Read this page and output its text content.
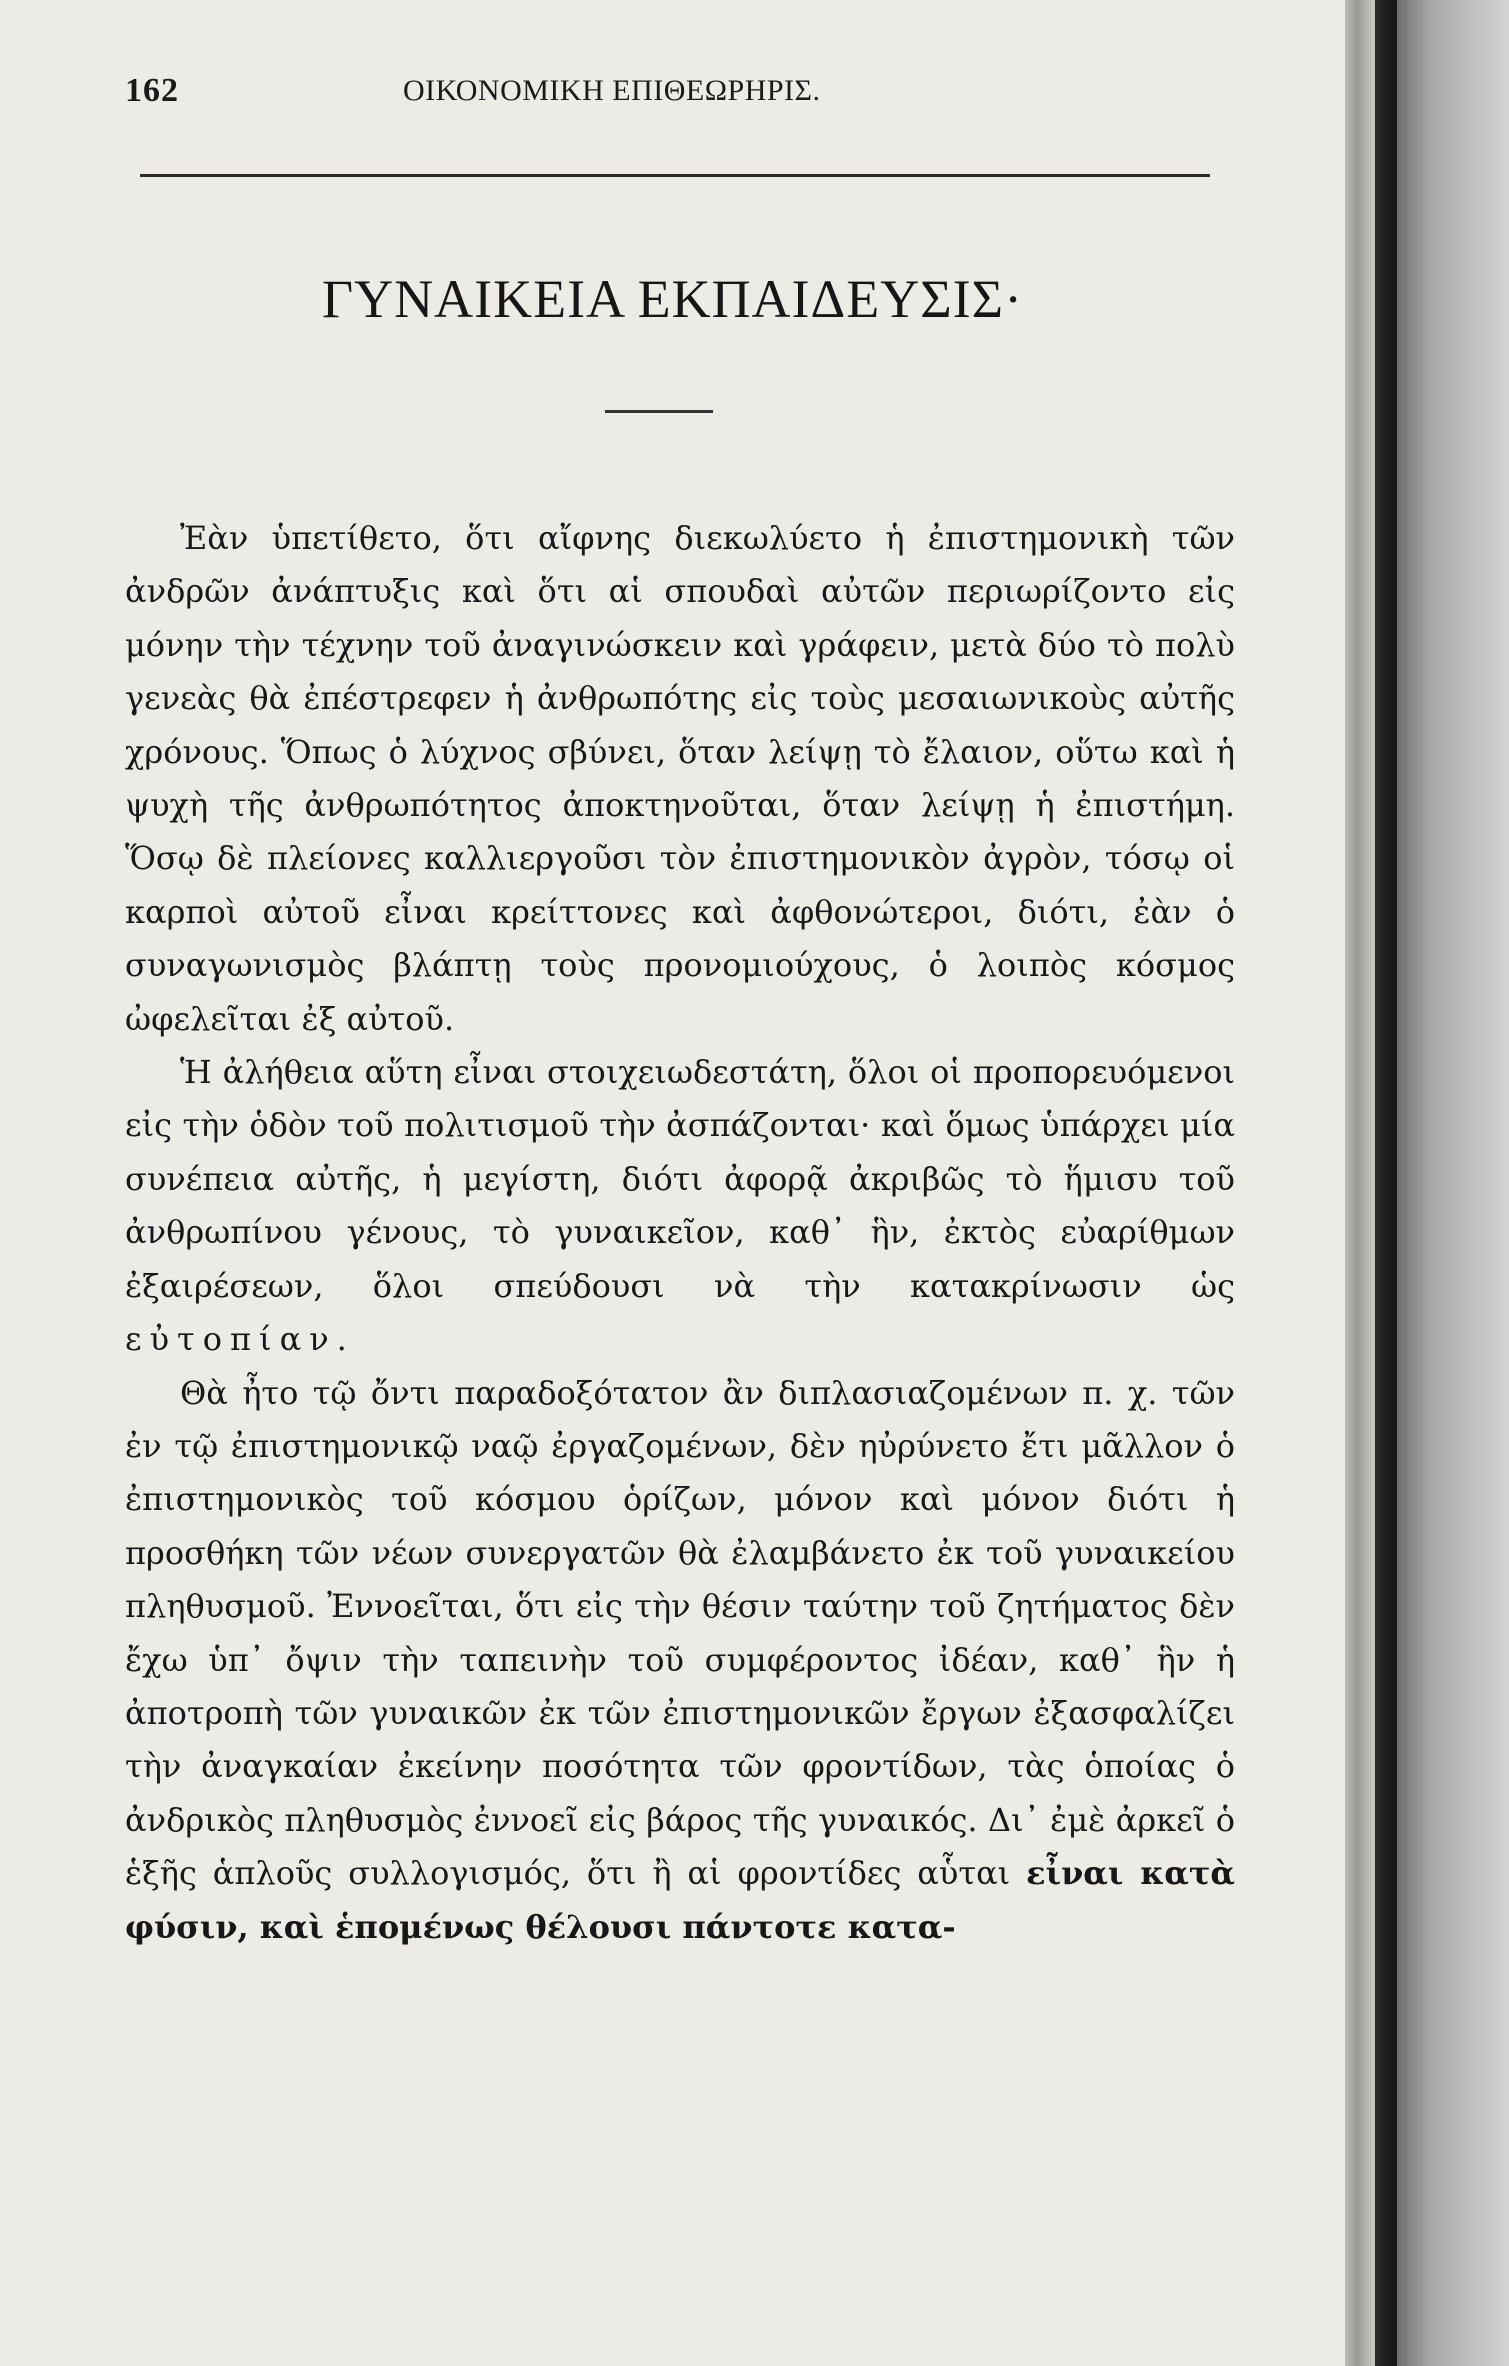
162	ΟΙΚΟΝΟΜΙΚΗ ΕΠΙΘΕΩΡΗΡΙΣ.
ΓΥΝΑΙΚΕΙΑ ΕΚΠΑΙΔΕΥΣΙΣ·

Ἐὰν ὑπετίθετο, ὅτι αἴφνης διεκωλύετο ἡ ἐπιστημονικὴ τῶν ἀνδρῶν ἀνάπτυξις καὶ ὅτι αἱ σπουδαὶ αὐτῶν περιωρίζοντο εἰς μόνην τὴν τέχνην τοῦ ἀναγινώσκειν καὶ γράφειν, μετὰ δύο τὸ πολὺ γενεὰς θὰ ἐπέστρεφεν ἡ ἀνθρωπότης εἰς τοὺς μεσαιωνικοὺς αὐτῆς χρόνους. Ὅπως ὁ λύχνος σβύνει, ὅταν λείψῃ τὸ ἔλαιον, οὕτω καὶ ἡ ψυχὴ τῆς ἀνθρωπότητος ἀποκτηνοῦται, ὅταν λείψῃ ἡ ἐπιστήμη. Ὅσῳ δὲ πλείονες καλλιεργοῦσι τὸν ἐπιστημονικὸν ἀγρὸν, τόσῳ οἱ καρποὶ αὐτοῦ εἶναι κρείττονες καὶ ἀφθονώτεροι, διότι, ἐὰν ὁ συναγωνισμὸς βλάπτῃ τοὺς προνομιούχους, ὁ λοιπὸς κόσμος ὠφελεῖται ἐξ αὐτοῦ.

Ἡ ἀλήθεια αὕτη εἶναι στοιχειωδεστάτη, ὅλοι οἱ προπορευόμενοι εἰς τὴν ὁδὸν τοῦ πολιτισμοῦ τὴν ἀσπάζονται· καὶ ὅμως ὑπάρχει μία συνέπεια αὐτῆς, ἡ μεγίστη, διότι ἀφορᾷ ἀκριβῶς τὸ ἥμισυ τοῦ ἀνθρωπίνου γένους, τὸ γυναικεῖον, καθ᾽ ἣν, ἐκτὸς εὐαρίθμων ἐξαιρέσεων, ὅλοι σπεύδουσι νὰ τὴν κατακρίνωσιν ὡς εὐτοπίαν.

Θὰ ἦτο τῷ ὄντι παραδοξότατον ἂν διπλασιαζομένων π. χ. τῶν ἐν τῷ ἐπιστημονικῷ ναῷ ἐργαζομένων, δὲν ηὐρύνετο ἔτι μᾶλλον ὁ ἐπιστημονικὸς τοῦ κόσμου ὁρίζων, μόνον καὶ μόνον διότι ἡ προσθήκη τῶν νέων συνεργατῶν θὰ ἐλαμβάνετο ἐκ τοῦ γυναικείου πληθυσμοῦ. Ἐννοεῖται, ὅτι εἰς τὴν θέσιν ταύτην τοῦ ζητήματος δὲν ἔχω ὑπ᾽ ὄψιν τὴν ταπεινὴν τοῦ συμφέροντος ἰδέαν, καθ᾽ ἣν ἡ ἀποτροπὴ τῶν γυναικῶν ἐκ τῶν ἐπιστημονικῶν ἔργων ἐξασφαλίζει τὴν ἀναγκαίαν ἐκείνην ποσότητα τῶν φροντίδων, τὰς ὁποίας ὁ ἀνδρικὸς πληθυσμὸς ἐννοεῖ εἰς βάρος τῆς γυναικός. Δι᾽ ἐμὲ ἀρκεῖ ὁ ἑξῆς ἁπλοῦς συλλογισμός, ὅτι ἢ αἱ φροντίδες αὗται εἶναι κατὰ φύσιν, καὶ ἑπομένως θέλουσι πάντοτε κατα-
